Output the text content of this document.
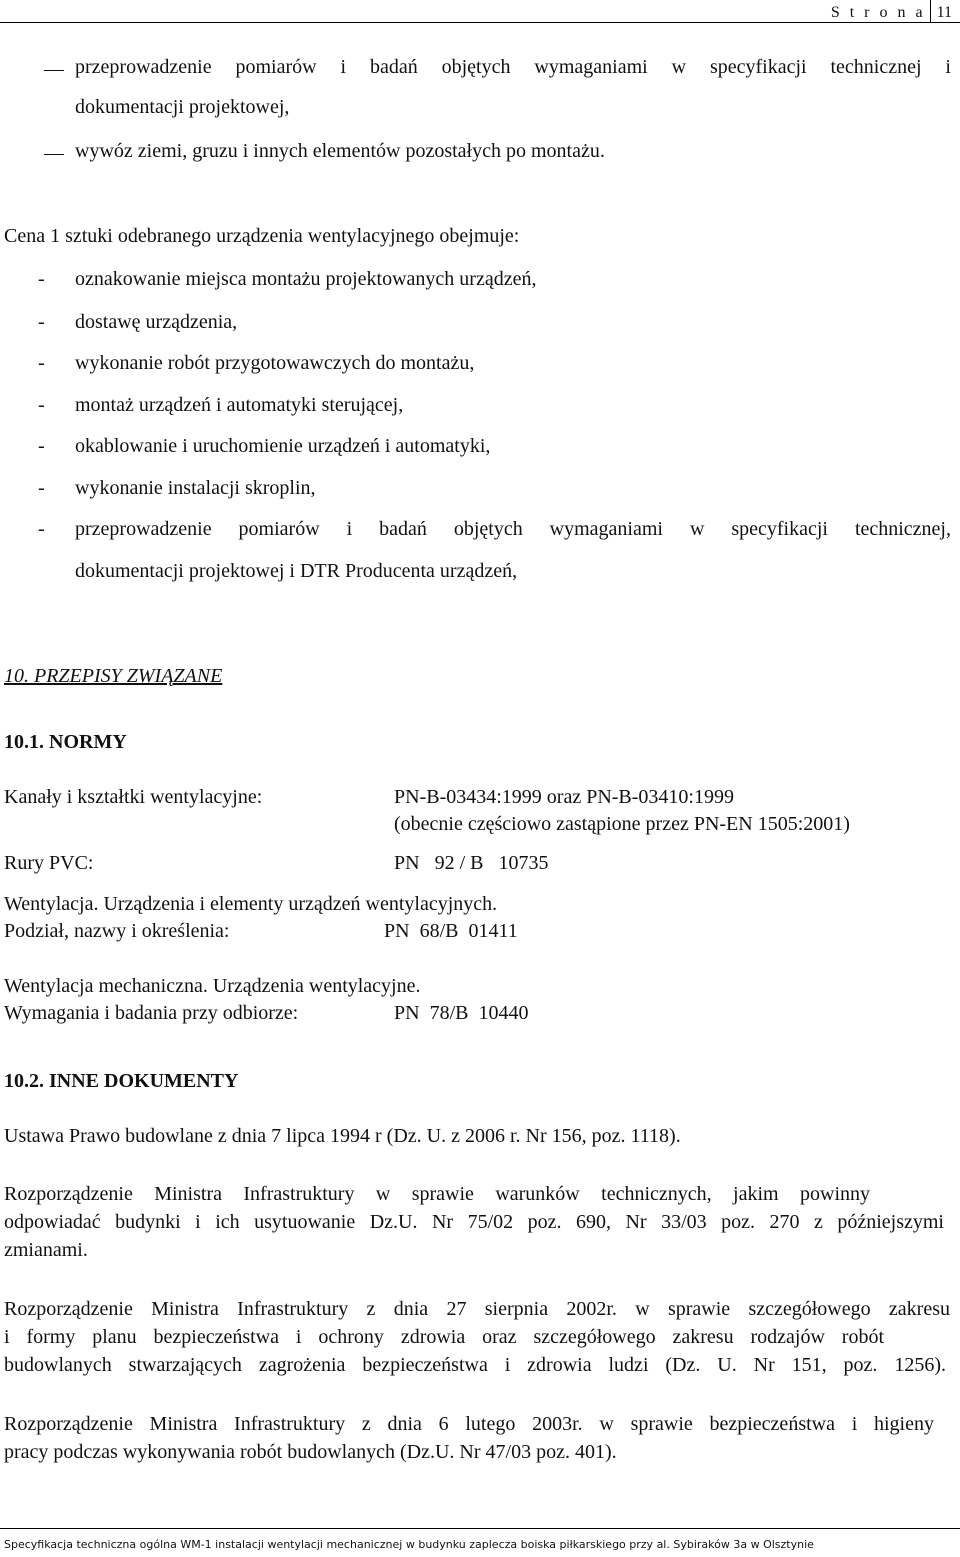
S t r o n a 11
przeprowadzenie pomiarów i badań objętych wymaganiami w specyfikacji technicznej i
dokumentacji projektowej,
wywóz ziemi, gruzu i innych elementów pozostałych po montażu.
Cena 1 sztuki odebranego urządzenia wentylacyjnego obejmuje:
- oznakowanie miejsca montażu projektowanych urządzeń,
- dostawę urządzenia,
- wykonanie robót przygotowawczych do montażu,
- montaż urządzeń i automatyki sterującej,
- okablowanie i uruchomienie urządzeń i automatyki,
- wykonanie instalacji skroplin,
- przeprowadzenie pomiarów i badań objętych wymaganiami w specyfikacji technicznej,
dokumentacji projektowej i DTR Producenta urządzeń,
10. PRZEPISY ZWIĄZANE
10.1. NORMY
Kanały i kształtki wentylacyjne:	PN-B-03434:1999 oraz PN-B-03410:1999
(obecnie częściowo zastąpione przez PN-EN 1505:2001)
Rury PVC:	PN   92 / B   10735
Wentylacja. Urządzenia i elementy urządzeń wentylacyjnych.
Podział, nazwy i określenia:	PN  68/B  01411
Wentylacja mechaniczna. Urządzenia wentylacyjne.
Wymagania i badania przy odbiorze:	PN  78/B  10440
10.2. INNE DOKUMENTY
Ustawa Prawo budowlane z dnia 7 lipca 1994 r (Dz. U. z 2006 r. Nr 156, poz. 1118).
Rozporządzenie Ministra Infrastruktury w sprawie warunków technicznych, jakim powinny
odpowiadać budynki i ich usytuowanie Dz.U. Nr 75/02 poz. 690, Nr 33/03 poz. 270 z późniejszymi
zmianami.
Rozporządzenie Ministra Infrastruktury z dnia 27 sierpnia 2002r. w sprawie szczegółowego zakresu
i formy planu bezpieczeństwa i ochrony zdrowia oraz szczegółowego zakresu rodzajów robót
budowlanych stwarzających zagrożenia bezpieczeństwa i zdrowia ludzi (Dz. U. Nr 151, poz. 1256).
Rozporządzenie Ministra Infrastruktury z dnia 6 lutego 2003r. w sprawie bezpieczeństwa i higieny
pracy podczas wykonywania robót budowlanych (Dz.U. Nr 47/03 poz. 401).
Specyfikacja techniczna ogólna WM-1 instalacji wentylacji mechanicznej w budynku zaplecza boiska piłkarskiego przy al. Sybiraków 3a w Olsztynie
